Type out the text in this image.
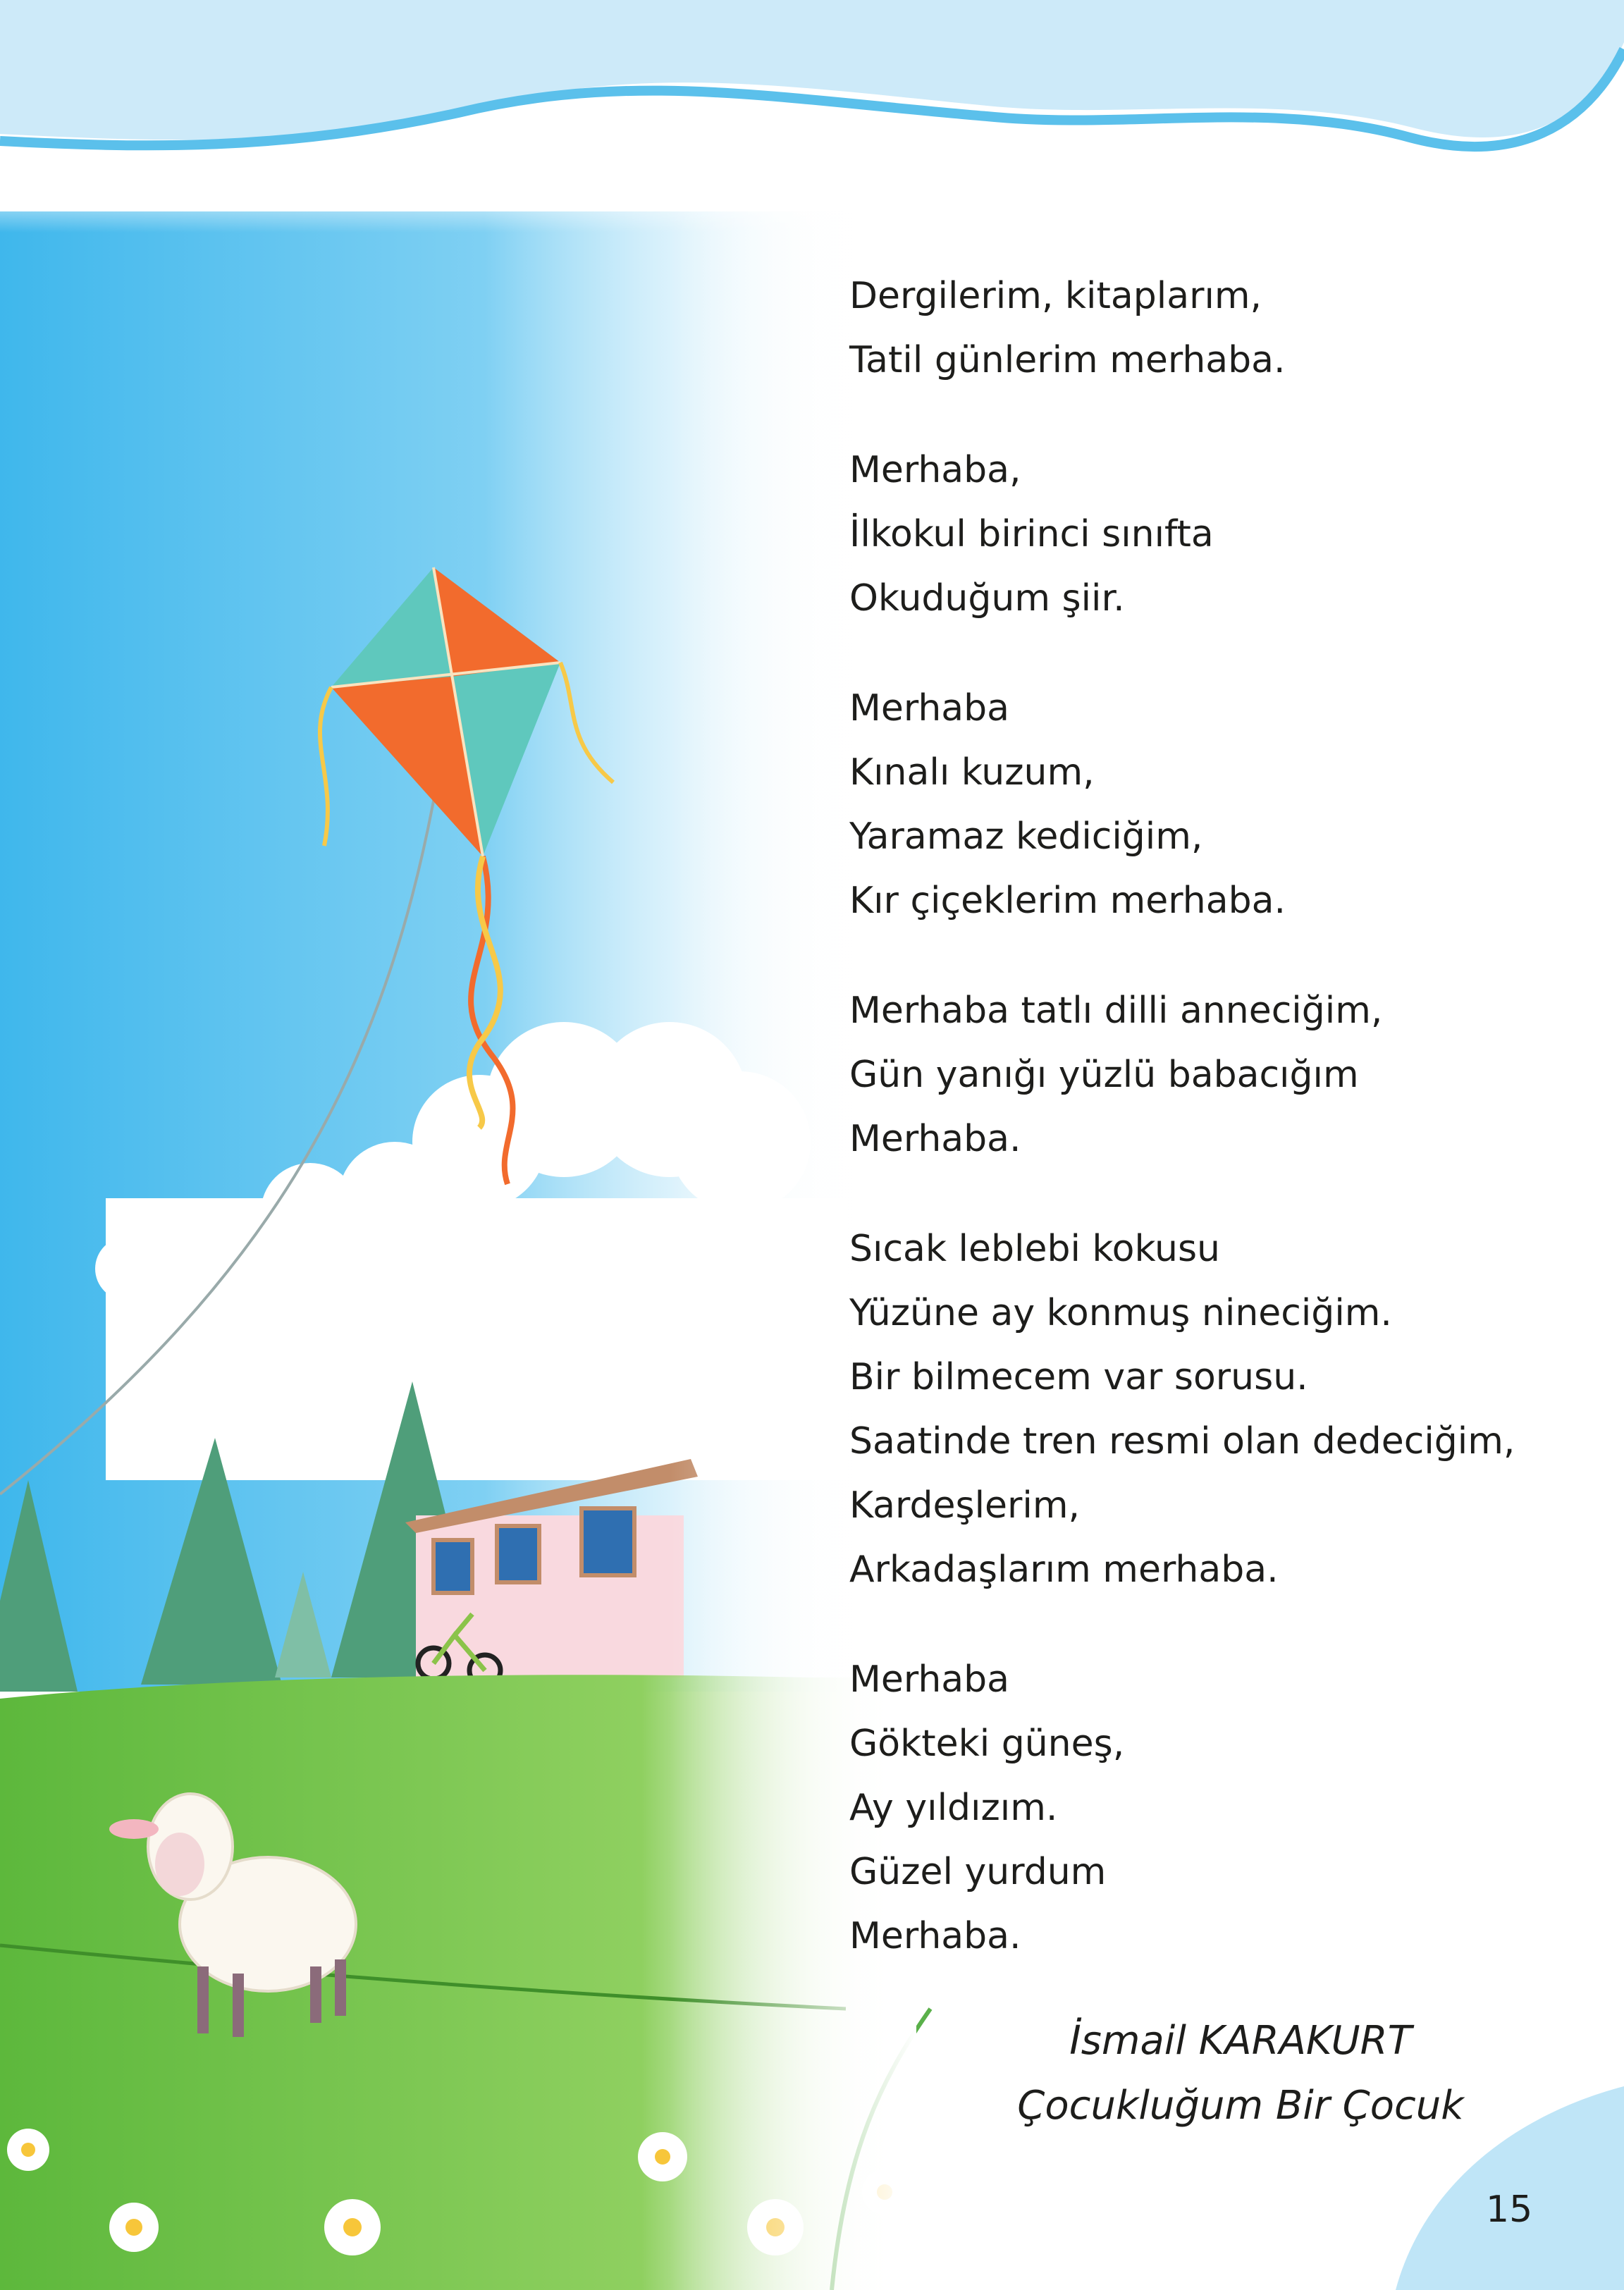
Dergilerim, kitaplarım,
Tatil günlerim merhaba.
Merhaba,
İlkokul birinci sınıfta
Okuduğum şiir.
Merhaba
Kınalı kuzum,
Yaramaz kediciğim,
Kır çiçeklerim merhaba.
Merhaba tatlı dilli anneciğim,
Gün yanığı yüzlü babacığım
Merhaba.
Sıcak leblebi kokusu
Yüzüne ay konmuş nineciğim.
Bir bilmecem var sorusu.
Saatinde tren resmi olan dedeciğim,
Kardeşlerim,
Arkadaşlarım merhaba.
Merhaba
Gökteki güneş,
Ay yıldızım.
Güzel yurdum
Merhaba.
İsmail KARAKURT
Çocukluğum Bir Çocuk
15
